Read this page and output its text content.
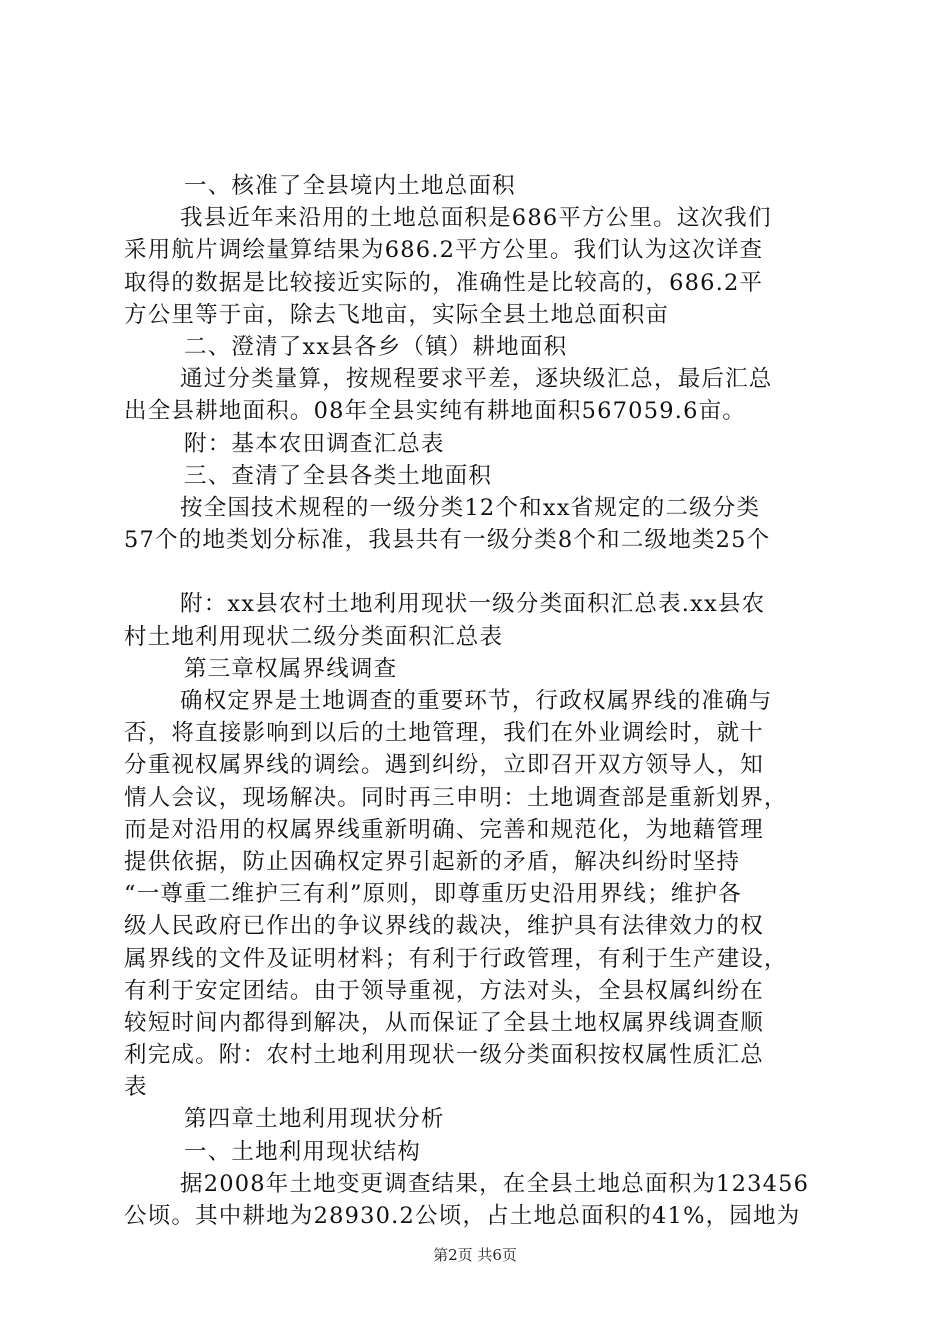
一、核准了全县境内土地总面积
我县近年来沿用的土地总面积是686平方公里。这次我们
采用航片调绘量算结果为686.2平方公里。我们认为这次详查
取得的数据是比较接近实际的，准确性是比较高的，686.2平
方公里等于亩，除去飞地亩，实际全县土地总面积亩
二、澄清了xx县各乡（镇）耕地面积
通过分类量算，按规程要求平差，逐块级汇总，最后汇总
出全县耕地面积。08年全县实纯有耕地面积567059.6亩。
附：基本农田调查汇总表
三、查清了全县各类土地面积
按全国技术规程的一级分类12个和xx省规定的二级分类
57个的地类划分标准，我县共有一级分类8个和二级地类25个
附：xx县农村土地利用现状一级分类面积汇总表.xx县农
村土地利用现状二级分类面积汇总表
第三章权属界线调查
确权定界是土地调查的重要环节，行政权属界线的准确与
否，将直接影响到以后的土地管理，我们在外业调绘时，就十
分重视权属界线的调绘。遇到纠纷，立即召开双方领导人，知
情人会议，现场解决。同时再三申明：土地调查部是重新划界，
而是对沿用的权属界线重新明确、完善和规范化，为地藉管理
提供依据，防止因确权定界引起新的矛盾，解决纠纷时坚持
“一尊重二维护三有利”原则，即尊重历史沿用界线；维护各
级人民政府已作出的争议界线的裁决，维护具有法律效力的权
属界线的文件及证明材料；有利于行政管理，有利于生产建设，
有利于安定团结。由于领导重视，方法对头，全县权属纠纷在
较短时间内都得到解决，从而保证了全县土地权属界线调查顺
利完成。附：农村土地利用现状一级分类面积按权属性质汇总
表
第四章土地利用现状分析
一、土地利用现状结构
据2008年土地变更调查结果，在全县土地总面积为123456
公顷。其中耕地为28930.2公顷，占土地总面积的41%，园地为
第2页 共6页
